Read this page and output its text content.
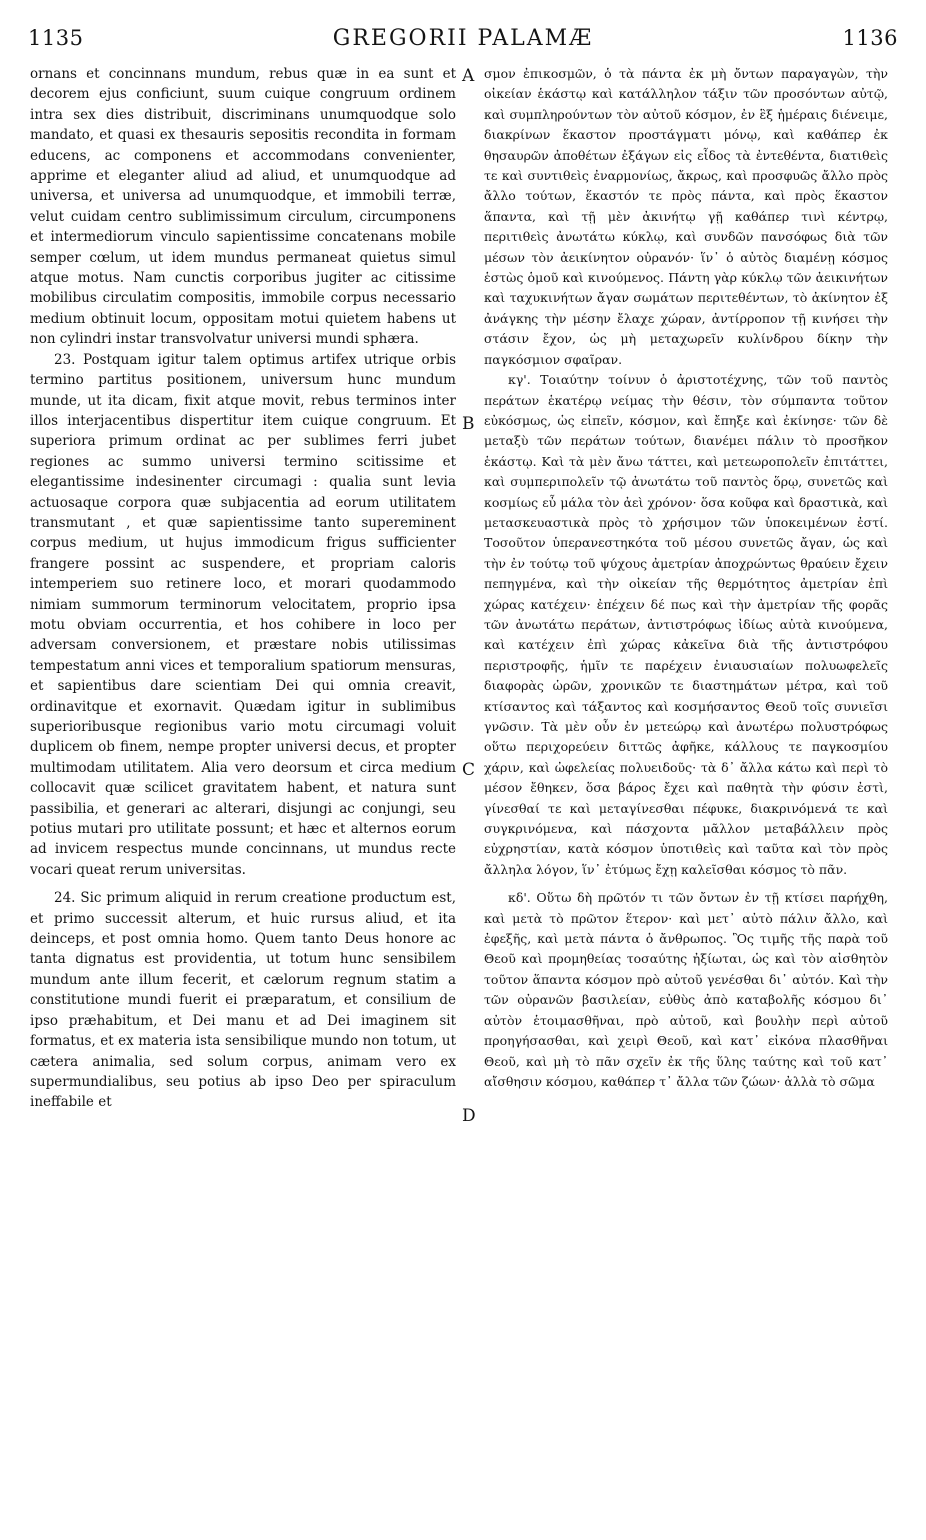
1135	GREGORII PALAMÆ	1136

ornans et concinnans mundum, rebus quæ in ea sunt et decorem ejus conficiunt, suum cuique congruum ordinem intra sex dies distribuit, discriminans unumquodque solo mandato, et quasi ex thesauris sepositis recondita in formam educens, ac componens et accommodans convenienter, apprime et eleganter aliud ad aliud, et unumquodque ad universa, et universa ad unumquodque, et immobili terræ, velut cuidam centro sublimissimum circulum, circumponens et intermediorum vinculo sapientissime concatenans mobile semper cœlum, ut idem mundus permaneat quietus simul atque motus. Nam cunctis corporibus jugiter ac citissime mobilibus circulatim compositis, immobile corpus necessario medium obtinuit locum, oppositam motui quietem habens ut non cylindri instar transvolvatur universi mundi sphæra.

23. Postquam igitur talem optimus artifex utrique orbis termino partitus positionem, universum hunc mundum munde, ut ita dicam, fixit atque movit, rebus terminos inter illos interjacentibus dispertitur item cuique congruum. Et superiora primum ordinat ac per sublimes ferri jubet regiones ac summo universi termino scitissime et elegantissime indesinenter circumagi : qualia sunt levia actuosaque corpora quæ subjacentia ad eorum utilitatem transmutant , et quæ sapientissime tanto supereminent corpus medium, ut hujus immodicum frigus sufficienter frangere possint ac suspendere, et propriam caloris intemperiem suo retinere loco, et morari quodammodo nimiam summorum terminorum velocitatem, proprio ipsa motu obviam occurrentia, et hos cohibere in loco per adversam conversionem, et præstare nobis utilissimas tempestatum anni vices et temporalium spatiorum mensuras, et sapientibus dare scientiam Dei qui omnia creavit, ordinavitque et exornavit. Quædam igitur in sublimibus superioribusque regionibus vario motu circumagi voluit duplicem ob finem, nempe propter universi decus, et propter multimodam utilitatem. Alia vero deorsum et circa medium collocavit quæ scilicet gravitatem habent, et natura sunt passibilia, et generari ac alterari, disjungi ac conjungi, seu potius mutari pro utilitate possunt; et hæc et alternos eorum ad invicem respectus munde concinnans, ut mundus recte vocari queat rerum universitas.

24. Sic primum aliquid in rerum creatione productum est, et primo successit alterum, et huic rursus aliud, et ita deinceps, et post omnia homo. Quem tanto Deus honore ac tanta dignatus est providentia, ut totum hunc sensibilem mundum ante illum fecerit, et cælorum regnum statim a constitutione mundi fuerit ei præparatum, et consilium de ipso præhabitum, et Dei manu et ad Dei imaginem sit formatus, et ex materia ista sensibilique mundo non totum, ut cætera animalia, sed solum corpus, animam vero ex supermundialibus, seu potius ab ipso Deo per spiraculum ineffabile et

σμον ἐπικοσμῶν, ὁ τὰ πάντα ἐκ μὴ ὄντων παραγαγὼν, τὴν οἰκείαν ἑκάστῳ καὶ κατάλληλον τάξιν τῶν προσόντων αὐτῷ, καὶ συμπληρούντων τὸν αὐτοῦ κόσμον, ἐν ἓξ ἡμέραις διένειμε, διακρίνων ἕκαστον προστάγματι μόνῳ, καὶ καθάπερ ἐκ θησαυρῶν ἀποθέτων ἐξάγων εἰς εἶδος τὰ ἐντεθέντα, διατιθεὶς τε καὶ συντιθεὶς ἐναρμονίως, ἄκρως, καὶ προσφυῶς ἄλλο πρὸς ἄλλο τούτων, ἕκαστόν τε πρὸς πάντα, καὶ πρὸς ἕκαστον ἅπαντα, καὶ τῇ μὲν ἀκινήτῳ γῇ καθάπερ τινὶ κέντρῳ, περιτιθεὶς ἀνωτάτω κύκλῳ, καὶ συνδῶν πανσόφως διὰ τῶν μέσων τὸν ἀεικίνητον οὐρανόν· ἵν᾽ ὁ αὐτὸς διαμένῃ κόσμος ἑστὼς ὁμοῦ καὶ κινούμενος. Πάντη γὰρ κύκλῳ τῶν ἀεικινήτων καὶ ταχυκινήτων ἄγαν σωμάτων περιτεθέντων, τὸ ἀκίνητον ἐξ ἀνάγκης τὴν μέσην ἔλαχε χώραν, ἀντίρροπον τῇ κινήσει τὴν στάσιν ἔχον, ὡς μὴ μεταχωρεῖν κυλίνδρου δίκην τὴν παγκόσμιον σφαῖραν.

κγ'. Τοιαύτην τοίνυν ὁ ἀριστοτέχνης, τῶν τοῦ παντὸς περάτων ἑκατέρῳ νείμας τὴν θέσιν, τὸν σύμπαντα τοῦτον εὐκόσμως, ὡς εἰπεῖν, κόσμον, καὶ ἔπηξε καὶ ἐκίνησε· τῶν δὲ μεταξὺ τῶν περάτων τούτων, διανέμει πάλιν τὸ προσῆκον ἑκάστῳ. Καὶ τὰ μὲν ἄνω τάττει, καὶ μετεωροπολεῖν ἐπιτάττει, καὶ συμπεριπολεῖν τῷ ἀνωτάτω τοῦ παντὸς ὅρῳ, συνετῶς καὶ κοσμίως εὖ μάλα τὸν ἀεὶ χρόνον· ὅσα κοῦφα καὶ δραστικὰ, καὶ μετασκευαστικὰ πρὸς τὸ χρήσιμον τῶν ὑποκειμένων ἐστί. Τοσοῦτον ὑπερανεστηκότα τοῦ μέσου συνετῶς ἄγαν, ὡς καὶ τὴν ἐν τούτῳ τοῦ ψύχους ἀμετρίαν ἀποχρώντως θραύειν ἔχειν πεπηγμένα, καὶ τὴν οἰκείαν τῆς θερμότητος ἀμετρίαν ἐπὶ χώρας κατέχειν· ἐπέχειν δέ πως καὶ τὴν ἀμετρίαν τῆς φορᾶς τῶν ἀνωτάτω περάτων, ἀντιστρόφως ἰδίως αὐτὰ κινούμενα, καὶ κατέχειν ἐπὶ χώρας κἀκεῖνα διὰ τῆς ἀντιστρόφου περιστροφῆς, ἡμῖν τε παρέχειν ἐνιαυσιαίων πολυωφελεῖς διαφορὰς ὡρῶν, χρονικῶν τε διαστημάτων μέτρα, καὶ τοῦ κτίσαντος καὶ τάξαντος καὶ κοσμήσαντος Θεοῦ τοῖς συνιεῖσι γνῶσιν. Τὰ μὲν οὖν ἐν μετεώρῳ καὶ ἀνωτέρω πολυστρόφως οὕτω περιχορεύειν διττῶς ἀφῆκε, κάλλους τε παγκοσμίου χάριν, καὶ ὠφελείας πολυειδοῦς· τὰ δ᾽ ἄλλα κάτω καὶ περὶ τὸ μέσον ἔθηκεν, ὅσα βάρος ἔχει καὶ παθητὰ τὴν φύσιν ἐστὶ, γίνεσθαί τε καὶ μεταγίνεσθαι πέφυκε, διακρινόμενά τε καὶ συγκρινόμενα, καὶ πάσχοντα μᾶλλον μεταβάλλειν πρὸς εὐχρηστίαν, κατὰ κόσμον ὑποτιθεὶς καὶ ταῦτα καὶ τὸν πρὸς ἄλληλα λόγον, ἵν᾽ ἐτύμως ἔχῃ καλεῖσθαι κόσμος τὸ πᾶν.

κδ'. Οὕτω δὴ πρῶτόν τι τῶν ὄντων ἐν τῇ κτίσει παρήχθη, καὶ μετὰ τὸ πρῶτον ἕτερον· καὶ μετ᾽ αὐτὸ πάλιν ἄλλο, καὶ ἐφεξῆς, καὶ μετὰ πάντα ὁ ἄνθρωπος. Ὃς τιμῆς τῆς παρὰ τοῦ Θεοῦ καὶ προμηθείας τοσαύτης ἠξίωται, ὡς καὶ τὸν αἰσθητὸν τοῦτον ἅπαντα κόσμον πρὸ αὐτοῦ γενέσθαι δι᾽ αὐτόν. Καὶ τὴν τῶν οὐρανῶν βασιλείαν, εὐθὺς ἀπὸ καταβολῆς κόσμου δι᾽ αὐτὸν ἑτοιμασθῆναι, πρὸ αὐτοῦ, καὶ βουλὴν περὶ αὐτοῦ προηγήσασθαι, καὶ χειρὶ Θεοῦ, καὶ κατ᾽ εἰκόνα πλασθῆναι Θεοῦ, καὶ μὴ τὸ πᾶν σχεῖν ἐκ τῆς ὕλης ταύτης καὶ τοῦ κατ᾽ αἴσθησιν κόσμου, καθάπερ τ᾽ ἄλλα τῶν ζώων· ἀλλὰ τὸ σῶμα

A
B
C
D
